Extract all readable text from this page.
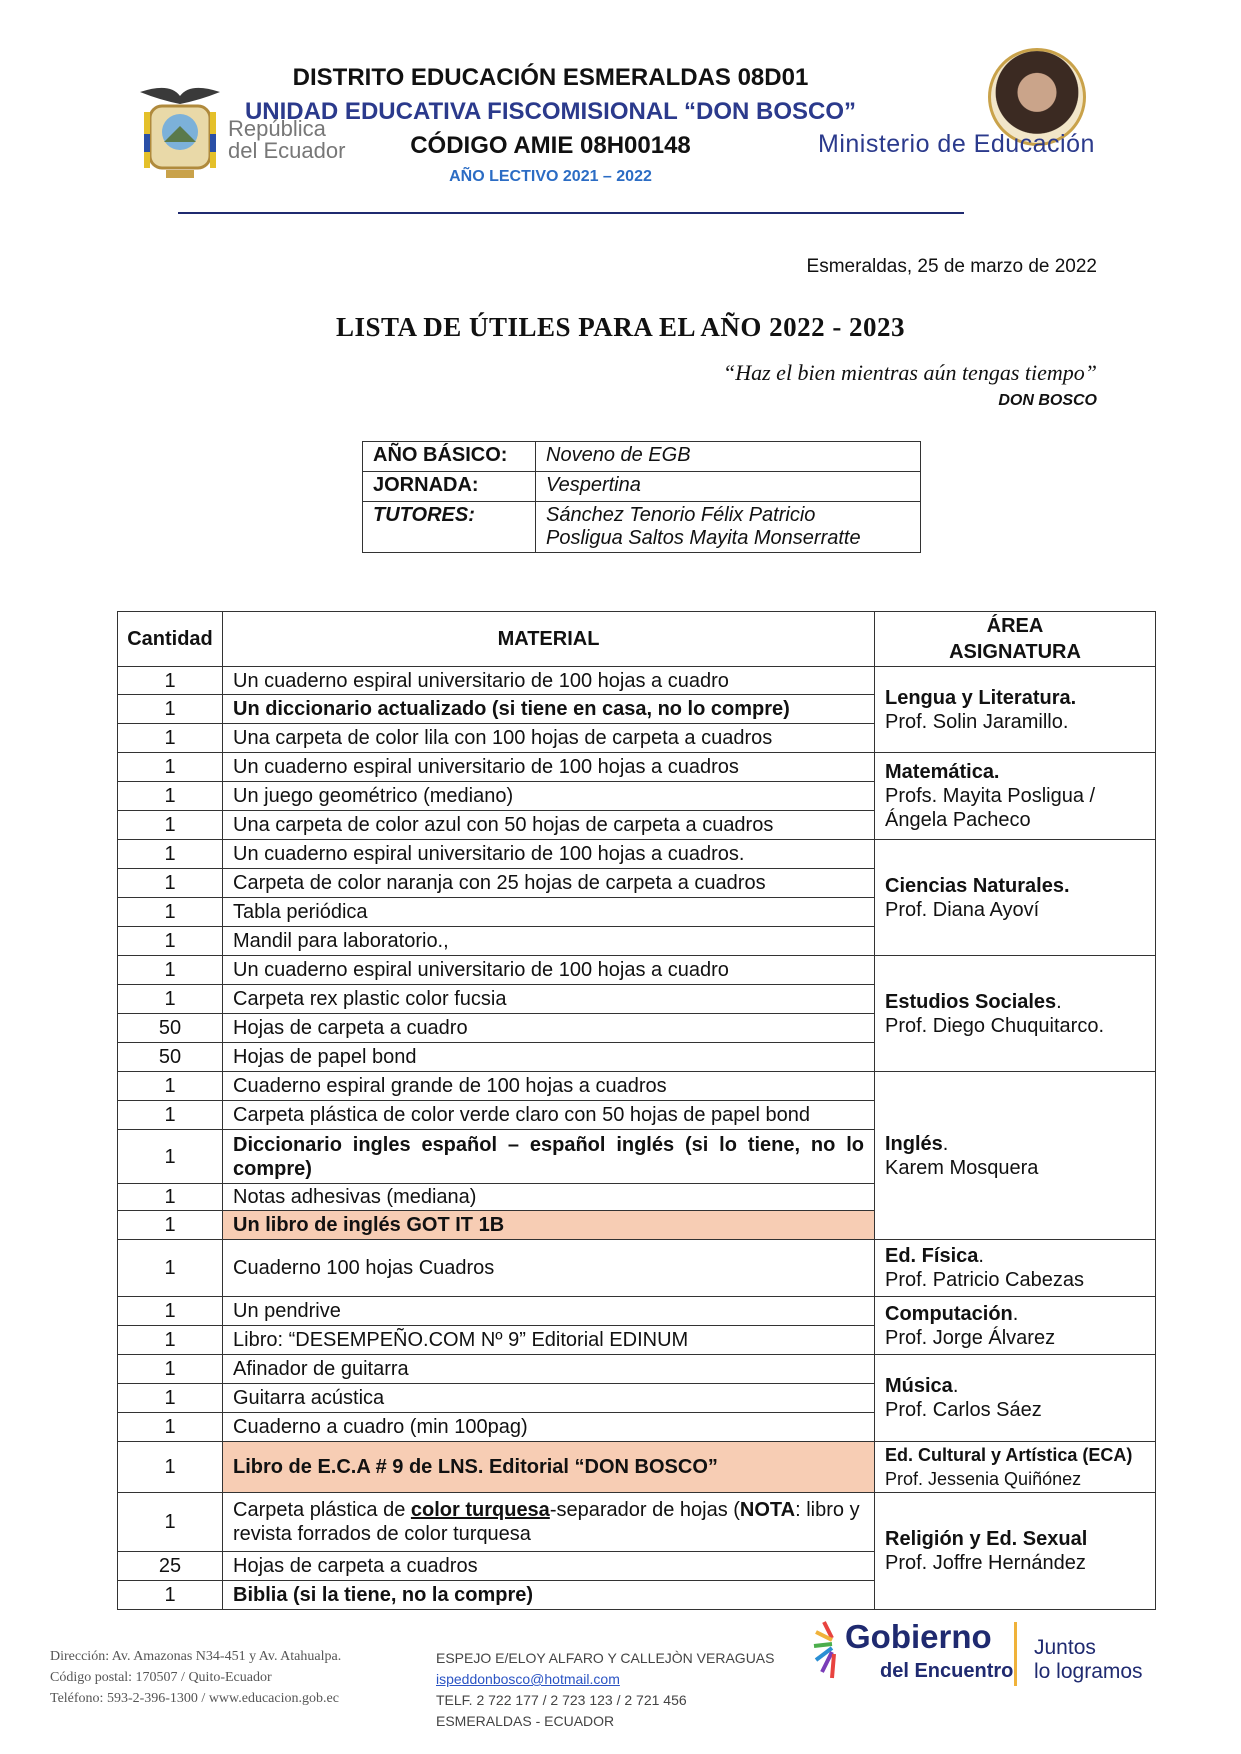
República
del Ecuador
DISTRITO EDUCACIÓN ESMERALDAS 08D01
UNIDAD EDUCATIVA FISCOMISIONAL “DON BOSCO”
CÓDIGO AMIE 08H00148
AÑO LECTIVO 2021 – 2022
Ministerio de Educación
Esmeraldas, 25 de marzo de 2022
LISTA DE ÚTILES PARA EL AÑO 2022 - 2023
“Haz el bien mientras aún tengas tiempo”
DON BOSCO
AÑO BÁSICO:	Noveno de EGB
JORNADA:	Vespertina
TUTORES:	Sánchez Tenorio Félix Patricio
Posligua Saltos Mayita Monserratte
Cantidad	MATERIAL	ÁREA
ASIGNATURA

1	Un cuaderno espiral universitario de 100 hojas a cuadro	Lengua y Literatura.
Prof. Solin Jaramillo.

1	Un diccionario actualizado (si tiene en casa, no lo compre)	
1	Una carpeta de color lila con 100 hojas de carpeta a cuadros	
1	Un cuaderno espiral universitario de 100 hojas a cuadros	Matemática.
Profs. Mayita Posligua / Ángela Pacheco

1	Un juego geométrico (mediano)	
1	Una carpeta de color azul con 50 hojas de carpeta a cuadros	
1	Un cuaderno espiral universitario de 100 hojas a cuadros.	Ciencias Naturales.
Prof. Diana Ayoví

1	Carpeta de color naranja con 25 hojas de carpeta a cuadros	
1	Tabla periódica	
1	Mandil para laboratorio.,	
1	Un cuaderno espiral universitario de 100 hojas a cuadro	Estudios Sociales.
Prof. Diego Chuquitarco.

1	Carpeta rex plastic color fucsia	
50	Hojas de carpeta a cuadro	
50	Hojas de papel bond	
1	Cuaderno espiral grande de 100 hojas a cuadros	Inglés.
Karem Mosquera

1	Carpeta plástica de color verde claro con 50 hojas de papel bond	
1	Diccionario ingles español – español inglés (si lo tiene, no lo compre)	
1	Notas adhesivas (mediana)	
1	Un libro de inglés GOT IT 1B	
1	Cuaderno 100 hojas Cuadros	Ed. Física.
Prof. Patricio Cabezas

1	Un pendrive	Computación.
Prof. Jorge Álvarez

1	Libro: “DESEMPEÑO.COM Nº 9” Editorial EDINUM	
1	Afinador de guitarra	Música.
Prof. Carlos Sáez

1	Guitarra acústica	
1	Cuaderno a cuadro (min 100pag)	
1	Libro de E.C.A # 9 de LNS. Editorial “DON BOSCO”	Ed. Cultural y Artística (ECA)
Prof. Jessenia Quiñónez

1	Carpeta plástica de color turquesa-separador de hojas (NOTA: libro y revista forrados de color turquesa	Religión y Ed. Sexual
Prof. Joffre Hernández

25	Hojas de carpeta a cuadros	
1	Biblia (si la tiene, no la compre)	
Dirección: Av. Amazonas N34-451 y Av. Atahualpa.
Código postal: 170507 / Quito-Ecuador
Teléfono: 593-2-396-1300 / www.educacion.gob.ec
ESPEJO E/ELOY ALFARO Y CALLEJÒN VERAGUAS
ispeddonbosco@hotmail.com
TELF. 2 722 177 / 2 723 123 / 2 721 456
ESMERALDAS - ECUADOR
Gobierno
del Encuentro
Juntos
lo logramos
